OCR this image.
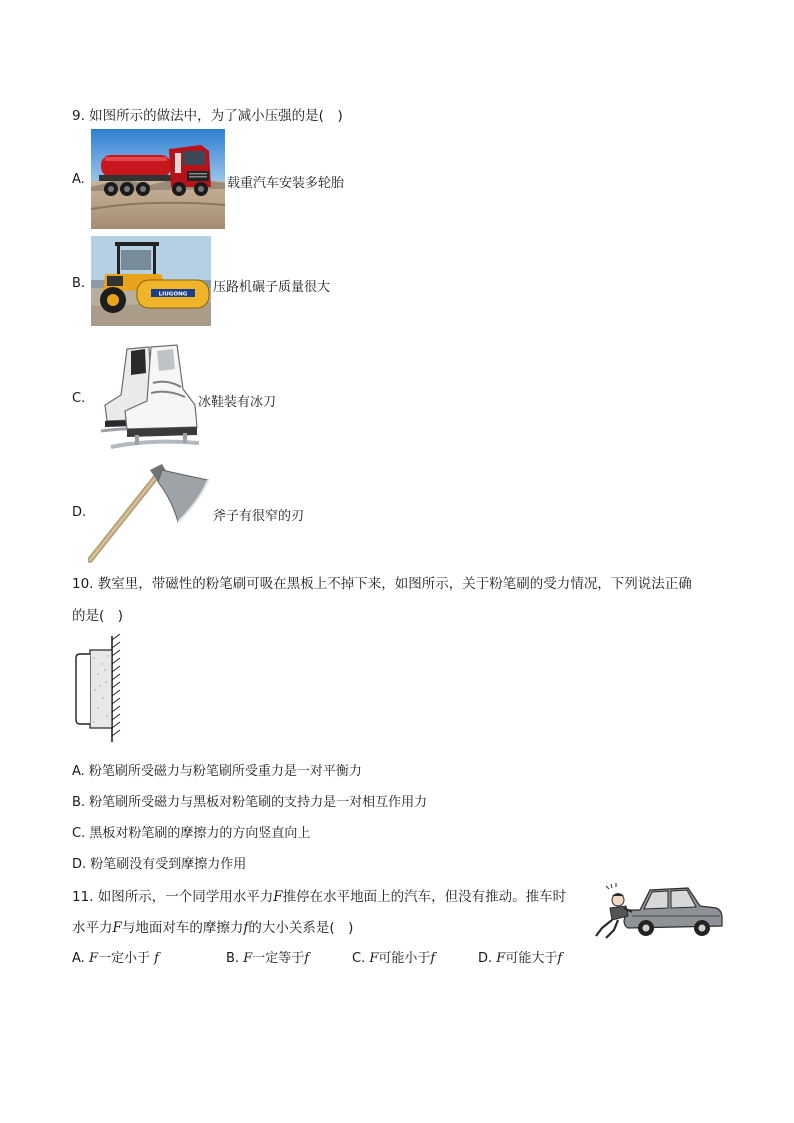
9. 如图所示的做法中，为了减小压强的是(　)
A.	载重汽车安装多轮胎
B.
LIUGONG 压路机碾子质量很大
C.	冰鞋装有冰刀
D.	斧子有很窄的刃
10. 教室里，带磁性的粉笔刷可吸在黑板上不掉下来，如图所示，关于粉笔刷的受力情况，下列说法正确
的是(　)
A. 粉笔刷所受磁力与粉笔刷所受重力是一对平衡力
B. 粉笔刷所受磁力与黑板对粉笔刷的支持力是一对相互作用力
C. 黑板对粉笔刷的摩擦力的方向竖直向上
D. 粉笔刷没有受到摩擦力作用
11. 如图所示，一个同学用水平力F推停在水平地面上的汽车，但没有推动。推车时
水平力F与地面对车的摩擦力f的大小关系是(　)
A. F一定小于 f	B. F一定等于f	C. F可能小于f	D. F可能大于f
